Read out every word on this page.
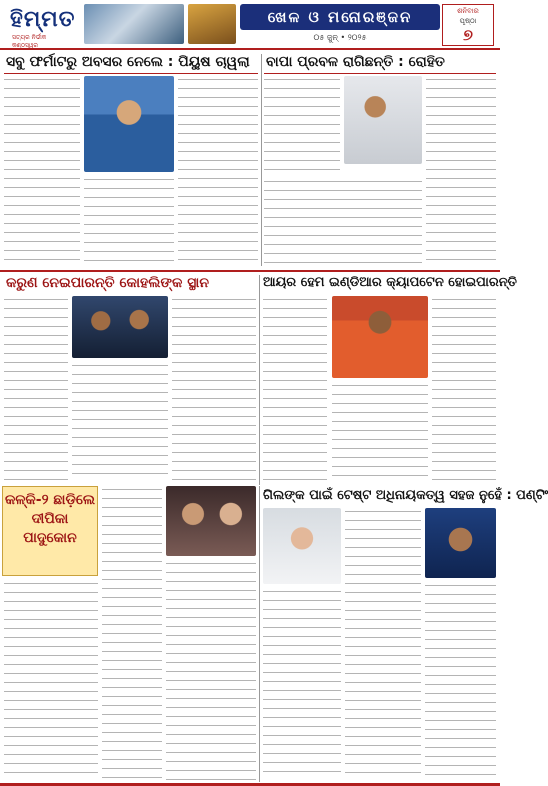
ହିମ୍ମତ
ସତ୍ୟର ନିର୍ଭୀକ କଣ୍ଠସ୍ୱର
ଖେଳ ଓ ମନୋରଞ୍ଜନ
୦୫ ଜୁନ୍ • ୨୦୨୫
ଶନିବାର
ପୃଷ୍ଠା
୭
ସବୁ ଫର୍ମାଟରୁ ଅବସର ନେଲେ : ପିୟୁଷ ଚାୱଲା	ବାପା ପ୍ରବଳ ରାଗିଛନ୍ତି : ରୋହିତ
କରୁଣ ନେଇପାରନ୍ତି କୋହଲିଙ୍କ ସ୍ଥାନ	ଆୟର ହେମ ଇଣ୍ଡିଆର କ୍ୟାପଟେନ ହୋଇପାରନ୍ତି
କଳ୍କି-୨ ଛାଡ଼ିଲେ ଦୀପିକା ପାଦୁକୋନ
ଗିଲଙ୍କ ପାଇଁ ଟେଷ୍ଟ ଅଧିନାୟକତ୍ୱ ସହଜ ନୁହେଁ : ପଣ୍ଟିଂ
